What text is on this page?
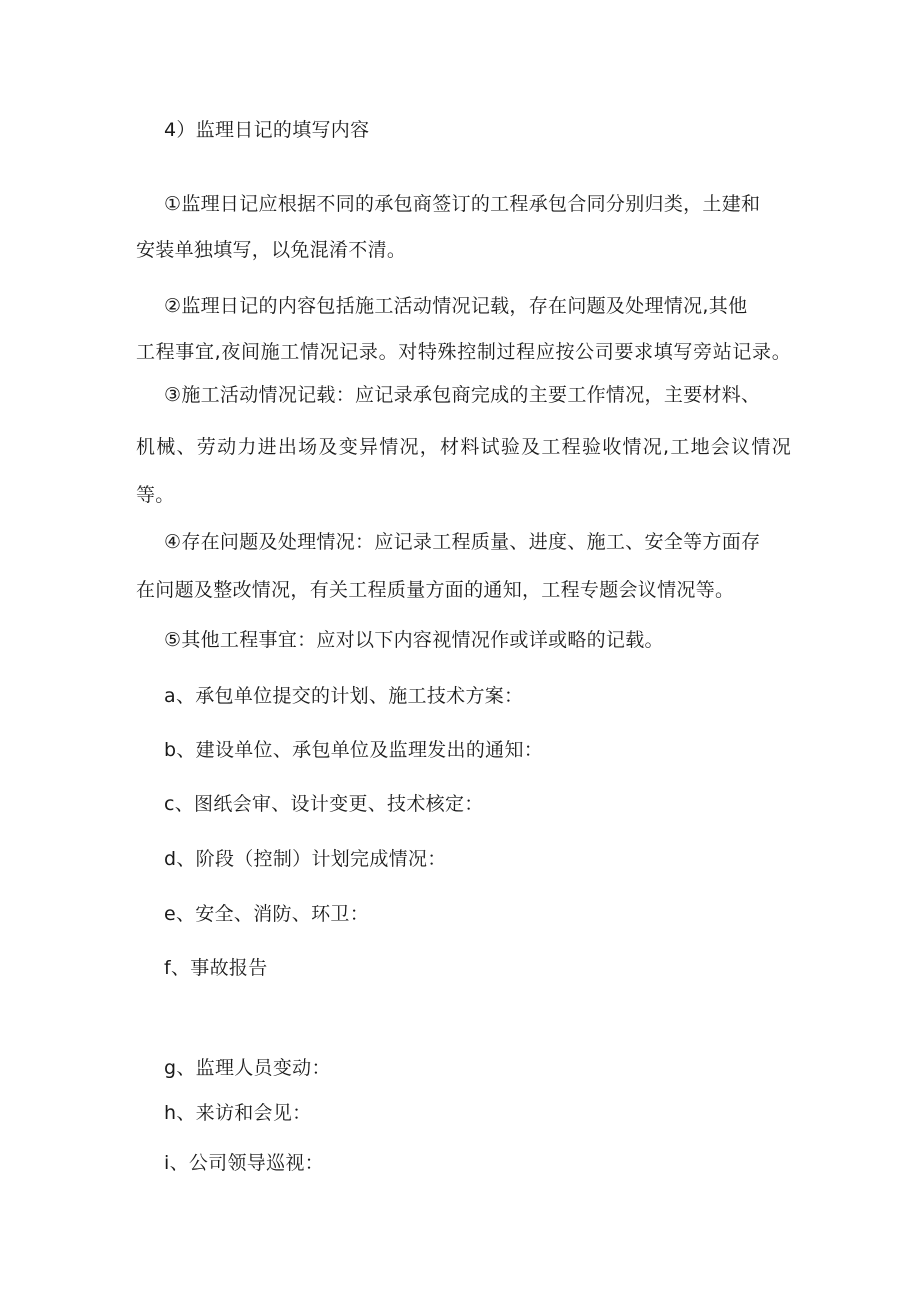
4）监理日记的填写内容
①监理日记应根据不同的承包商签订的工程承包合同分别归类，土建和
安装单独填写，以免混淆不清。
②监理日记的内容包括施工活动情况记载，存在问题及处理情况,其他
工程事宜,夜间施工情况记录。对特殊控制过程应按公司要求填写旁站记录。
③施工活动情况记载：应记录承包商完成的主要工作情况，主要材料、
机械、劳动力进出场及变异情况，材料试验及工程验收情况,工地会议情况
等。
④存在问题及处理情况：应记录工程质量、进度、施工、安全等方面存
在问题及整改情况，有关工程质量方面的通知，工程专题会议情况等。
⑤其他工程事宜：应对以下内容视情况作或详或略的记载。
a、承包单位提交的计划、施工技术方案：
b、建设单位、承包单位及监理发出的通知：
c、图纸会审、设计变更、技术核定：
d、阶段（控制）计划完成情况：
e、安全、消防、环卫：
f、事故报告
g、监理人员变动：
h、来访和会见：
i、公司领导巡视：
